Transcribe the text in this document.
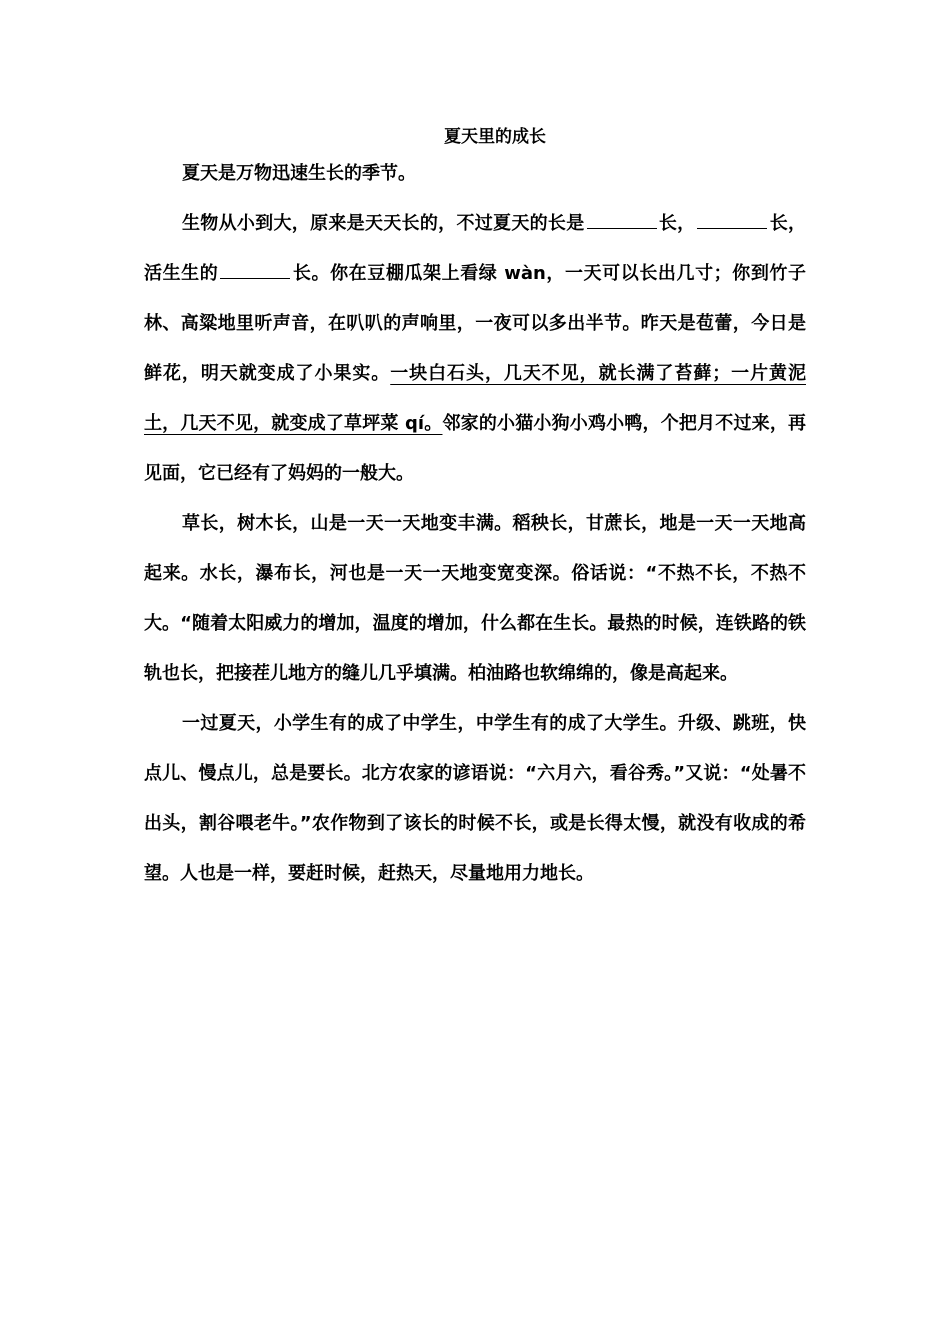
夏天里的成长

夏天是万物迅速生长的季节。

生物从小到大，原来是天天长的，不过夏天的长是	长，	长，活生生的	长。你在豆棚瓜架上看绿 wàn，一天可以长出几寸；你到竹子林、高粱地里听声音，在叭叭的声响里，一夜可以多出半节。昨天是苞蕾，今日是鲜花，明天就变成了小果实。一块白石头，几天不见，就长满了苔藓；一片黄泥土，几天不见，就变成了草坪菜 qí。邻家的小猫小狗小鸡小鸭，个把月不过来，再见面，它已经有了妈妈的一般大。

草长，树木长，山是一天一天地变丰满。稻秧长，甘蔗长，地是一天一天地高起来。水长，瀑布长，河也是一天一天地变宽变深。俗话说：“不热不长，不热不大。“随着太阳威力的增加，温度的增加，什么都在生长。最热的时候，连铁路的铁轨也长，把接茬儿地方的缝儿几乎填满。柏油路也软绵绵的，像是高起来。

一过夏天，小学生有的成了中学生，中学生有的成了大学生。升级、跳班，快点儿、慢点儿，总是要长。北方农家的谚语说：“六月六，看谷秀。”又说：“处暑不出头，割谷喂老牛。”农作物到了该长的时候不长，或是长得太慢，就没有收成的希望。人也是一样，要赶时候，赶热天，尽量地用力地长。
